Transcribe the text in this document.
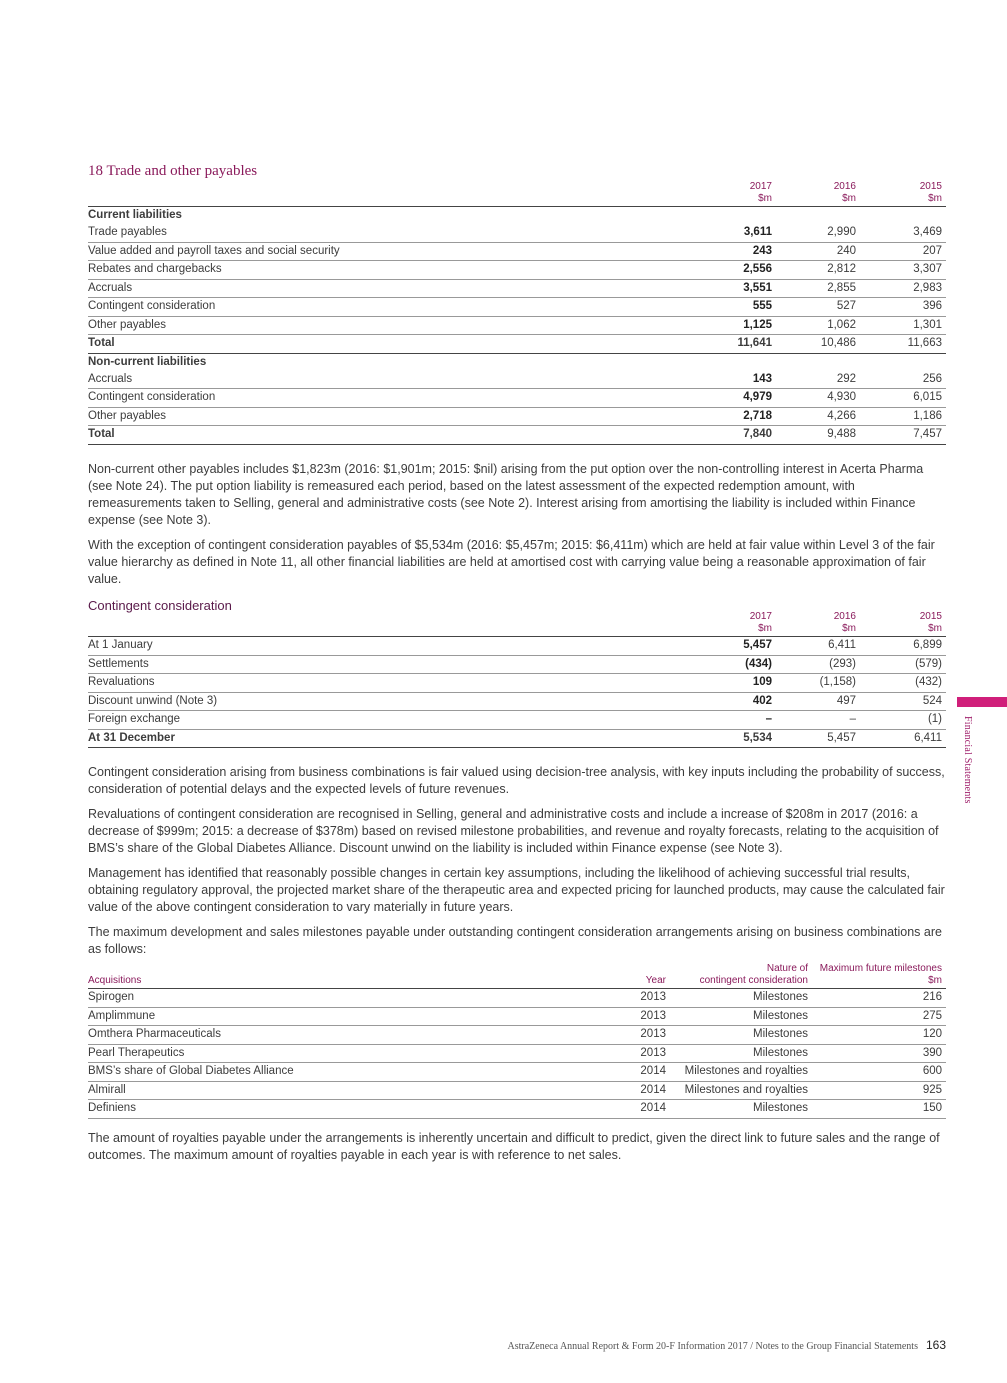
18 Trade and other payables
	2017
$m	2016
$m	2015
$m
Current liabilities			
Trade payables	3,611	2,990	3,469
Value added and payroll taxes and social security	243	240	207
Rebates and chargebacks	2,556	2,812	3,307
Accruals	3,551	2,855	2,983
Contingent consideration	555	527	396
Other payables	1,125	1,062	1,301
Total	11,641	10,486	11,663
Non-current liabilities			
Accruals	143	292	256
Contingent consideration	4,979	4,930	6,015
Other payables	2,718	4,266	1,186
Total	7,840	9,488	7,457

Non-current other payables includes $1,823m (2016: $1,901m; 2015: $nil) arising from the put option over the non-controlling interest in Acerta Pharma (see Note 24). The put option liability is remeasured each period, based on the latest assessment of the expected redemption amount, with remeasurements taken to Selling, general and administrative costs (see Note 2). Interest arising from amortising the liability is included within Finance expense (see Note 3).

With the exception of contingent consideration payables of $5,534m (2016: $5,457m; 2015: $6,411m) which are held at fair value within Level 3 of the fair value hierarchy as defined in Note 11, all other financial liabilities are held at amortised cost with carrying value being a reasonable approximation of fair value.

Contingent consideration
	2017
$m	2016
$m	2015
$m
At 1 January	5,457	6,411	6,899
Settlements	(434)	(293)	(579)
Revaluations	109	(1,158)	(432)
Discount unwind (Note 3)	402	497	524
Foreign exchange	–	–	(1)
At 31 December	5,534	5,457	6,411

Contingent consideration arising from business combinations is fair valued using decision-tree analysis, with key inputs including the probability of success, consideration of potential delays and the expected levels of future revenues.

Revaluations of contingent consideration are recognised in Selling, general and administrative costs and include a increase of $208m in 2017 (2016: a decrease of $999m; 2015: a decrease of $378m) based on revised milestone probabilities, and revenue and royalty forecasts, relating to the acquisition of BMS’s share of the Global Diabetes Alliance. Discount unwind on the liability is included within Finance expense (see Note 3).

Management has identified that reasonably possible changes in certain key assumptions, including the likelihood of achieving successful trial results, obtaining regulatory approval, the projected market share of the therapeutic area and expected pricing for launched products, may cause the calculated fair value of the above contingent consideration to vary materially in future years.

The maximum development and sales milestones payable under outstanding contingent consideration arrangements arising on business combinations are as follows:

Acquisitions	Year	Nature of
contingent consideration	Maximum future milestones
$m
Spirogen	2013	Milestones	216
Amplimmune	2013	Milestones	275
Omthera Pharmaceuticals	2013	Milestones	120
Pearl Therapeutics	2013	Milestones	390
BMS’s share of Global Diabetes Alliance	2014	Milestones and royalties	600
Almirall	2014	Milestones and royalties	925
Definiens	2014	Milestones	150
The amount of royalties payable under the arrangements is inherently uncertain and difficult to predict, given the direct link to future sales and the range of outcomes. The maximum amount of royalties payable in each year is with reference to net sales.
Financial Statements
AstraZeneca Annual Report & Form 20-F Information 2017 / Notes to the Group Financial Statements 163
